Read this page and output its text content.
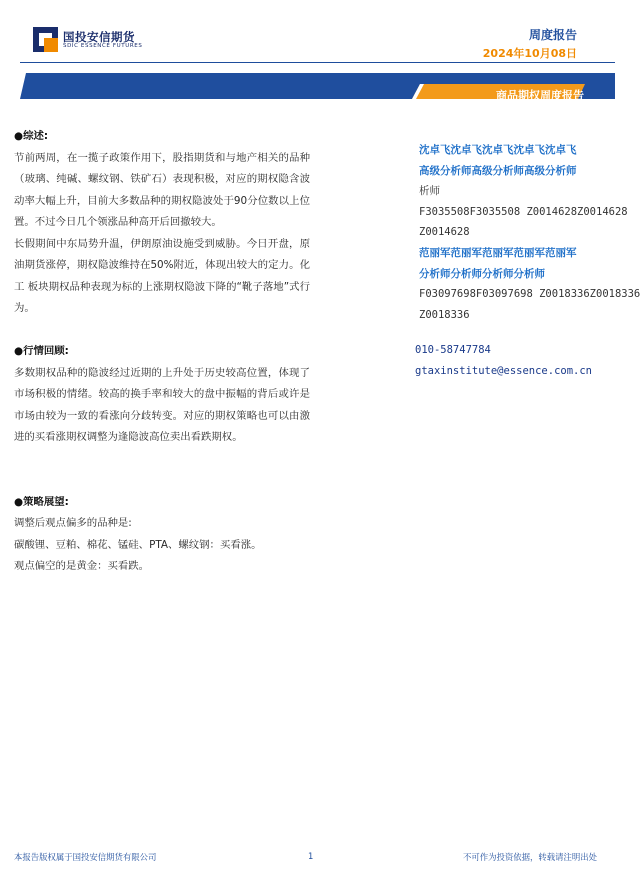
国投安信期货
SDIC ESSENCE FUTURES
周度报告
2024年10月08日
商品期权周度报告
●综述:
节前两周，在一揽子政策作用下，股指期货和与地产相关的品种（玻璃、纯碱、螺纹钢、铁矿石）表现积极，对应的期权隐含波动率大幅上升，目前大多数品种的期权隐波处于90分位数以上位置。不过今日几个领涨品种高开后回撤较大。
长假期间中东局势升温，伊朗原油设施受到威胁。今日开盘，原油期货涨停，期权隐波维持在50%附近，体现出较大的定力。化工 板块期权品种表现为标的上涨期权隐波下降的“靴子落地”式行为。
●行情回顾:
多数期权品种的隐波经过近期的上升处于历史较高位置，体现了市场积极的情绪。较高的换手率和较大的盘中振幅的背后或许是市场由较为一致的看涨向分歧转变。对应的期权策略也可以由激进的买看涨期权调整为逢隐波高位卖出看跌期权。
●策略展望:
调整后观点偏多的品种是:
碳酸锂、豆粕、棉花、锰硅、PTA、螺纹钢：买看涨。
观点偏空的是黄金：买看跌。
沈卓飞沈卓飞沈卓飞沈卓飞沈卓飞
高级分析师高级分析师高级分析师
析师
F3035508F3035508 Z0014628Z0014628
Z0014628
范丽军范丽军范丽军范丽军范丽军
分析师分析师分析师分析师
F03097698F03097698 Z0018336Z0018336
Z0018336
010-58747784
gtaxinstitute@essence.com.cn
本报告版权属于国投安信期货有限公司	1	不可作为投资依据，转载请注明出处
